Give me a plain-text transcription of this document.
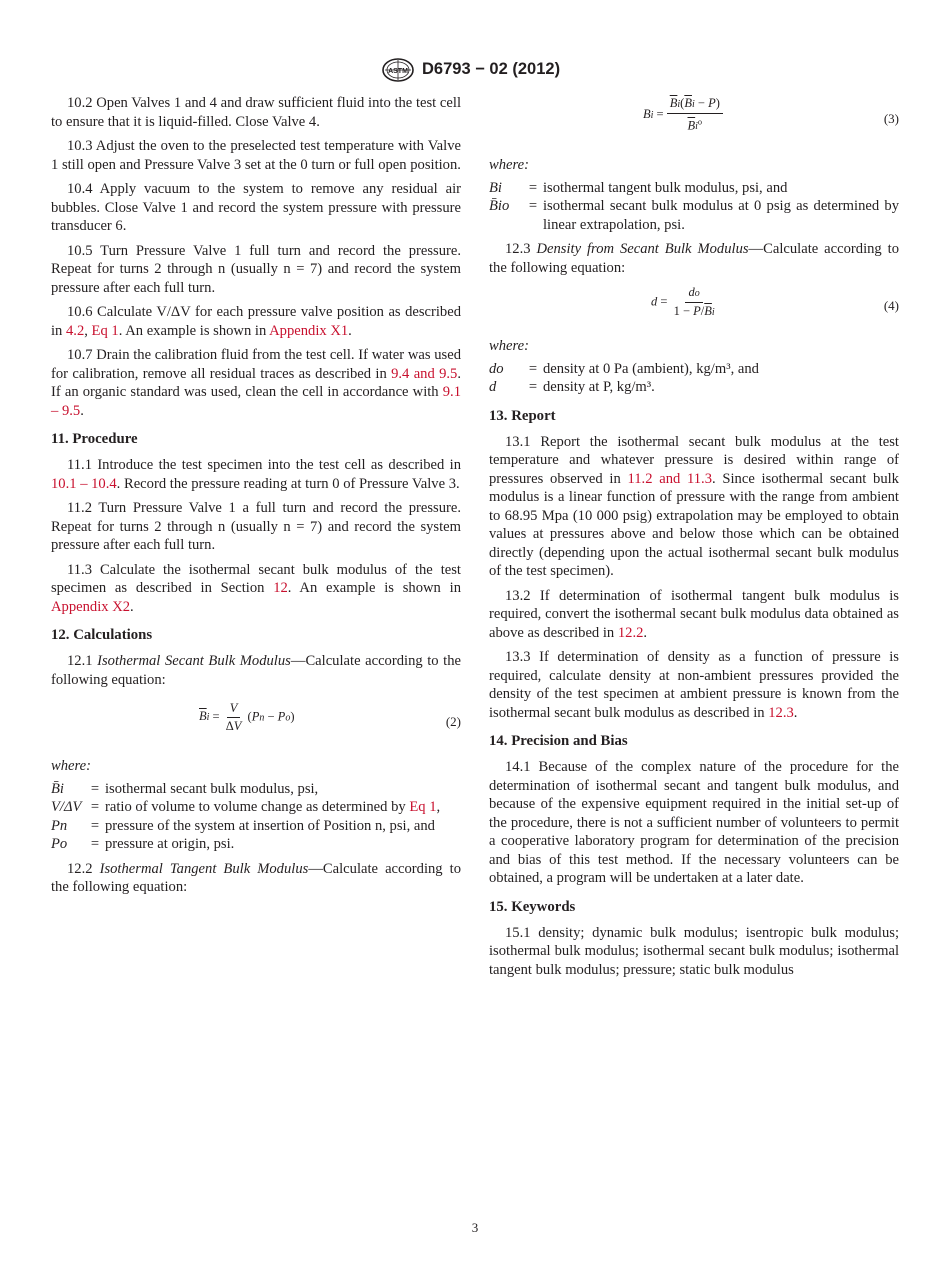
ASTM D6793 − 02 (2012)

10.2 Open Valves 1 and 4 and draw sufficient fluid into the test cell to ensure that it is liquid-filled. Close Valve 4.

10.3 Adjust the oven to the preselected test temperature with Valve 1 still open and Pressure Valve 3 set at the 0 turn or full open position.

10.4 Apply vacuum to the system to remove any residual air bubbles. Close Valve 1 and record the system pressure with pressure transducer 6.

10.5 Turn Pressure Valve 1 full turn and record the pressure. Repeat for turns 2 through n (usually n = 7) and record the system pressure after each full turn.

10.6 Calculate V/ΔV for each pressure valve position as described in 4.2, Eq 1. An example is shown in Appendix X1.

10.7 Drain the calibration fluid from the test cell. If water was used for calibration, remove all residual traces as described in 9.4 and 9.5. If an organic standard was used, clean the cell in accordance with 9.1 – 9.5.

11. Procedure

11.1 Introduce the test specimen into the test cell as described in 10.1 – 10.4. Record the pressure reading at turn 0 of Pressure Valve 3.

11.2 Turn Pressure Valve 1 a full turn and record the pressure. Repeat for turns 2 through n (usually n = 7) and record the system pressure after each full turn.

11.3 Calculate the isothermal secant bulk modulus of the test specimen as described in Section 12. An example is shown in Appendix X2.

12. Calculations

12.1 Isothermal Secant Bulk Modulus—Calculate according to the following equation:

$\overline{B}i = \frac{V}{\Delta V} (Pn - Po)$	(2)
where:
B̄i	= isothermal secant bulk modulus, psi,
V/ΔV = ratio of volume to volume change as determined by Eq 1,
Pn	= pressure of the system at insertion of Position n, psi, and
Po	= pressure at origin, psi.

12.2 Isothermal Tangent Bulk Modulus—Calculate according to the following equation:

$Bi = \frac{\overline{B}i(\overline{B}i - P)}{\overline{B}i^o}$	(3)
where:
Bi	= isothermal tangent bulk modulus, psi, and
B̄io	= isothermal secant bulk modulus at 0 psig as determined by linear extrapolation, psi.

12.3 Density from Secant Bulk Modulus—Calculate according to the following equation:

$d = \frac{do}{1 - P/\overline{B}i}$	(4)
where:
do	= density at 0 Pa (ambient), kg/m³, and
d	= density at P, kg/m³.
13. Report

13.1 Report the isothermal secant bulk modulus at the test temperature and whatever pressure is desired within range of pressures observed in 11.2 and 11.3. Since isothermal secant bulk modulus is a linear function of pressure with the range from ambient to 68.95 Mpa (10 000 psig) extrapolation may be employed to obtain values at pressures above and below those which can be obtained directly (depending upon the actual isothermal secant bulk modulus of the test specimen).

13.2 If determination of isothermal tangent bulk modulus is required, convert the isothermal secant bulk modulus data obtained as above as described in 12.2.

13.3 If determination of density as a function of pressure is required, calculate density at non-ambient pressures provided the density of the test specimen at ambient pressure is known from the isothermal secant bulk modulus as described in 12.3.

14. Precision and Bias

14.1 Because of the complex nature of the procedure for the determination of isothermal secant and tangent bulk modulus, and because of the expensive equipment required in the initial set-up of the procedure, there is not a sufficient number of volunteers to permit a cooperative laboratory program for determination of the precision and bias of this test method. If the necessary volunteers can be obtained, a program will be undertaken at a later date.

15. Keywords

15.1 density; dynamic bulk modulus; isentropic bulk modulus; isothermal bulk modulus; isothermal secant bulk modulus; isothermal tangent bulk modulus; pressure; static bulk modulus

3
